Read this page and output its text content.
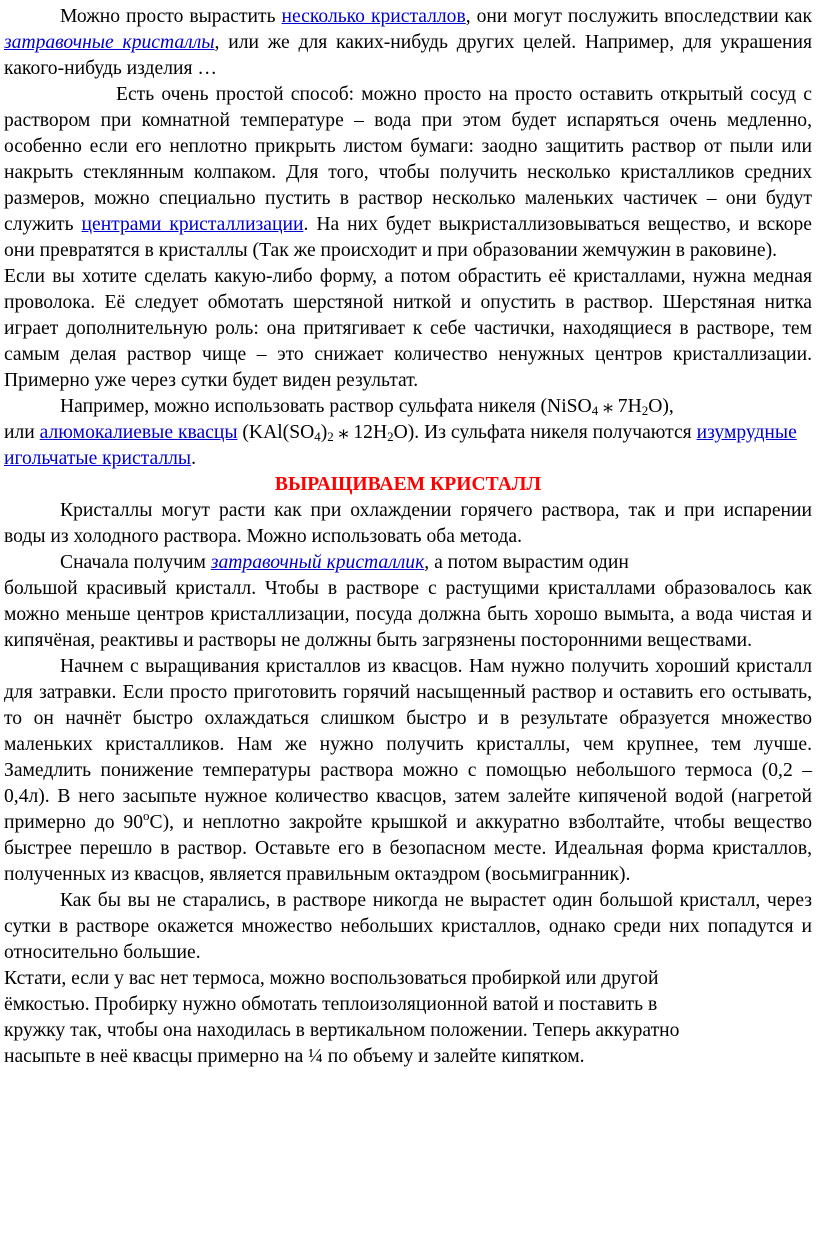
Можно просто вырастить несколько кристаллов, они могут послужить впоследствии как затравочные кристаллы, или же для каких-нибудь других целей. Например, для украшения какого-нибудь изделия …

Есть очень простой способ: можно просто на просто оставить открытый сосуд с раствором при комнатной температуре – вода при этом будет испаряться очень медленно, особенно если его неплотно прикрыть листом бумаги: заодно защитить раствор от пыли или накрыть стеклянным колпаком. Для того, чтобы получить несколько кристалликов средних размеров, можно специально пустить в раствор несколько маленьких частичек – они будут служить центрами кристаллизации. На них будет выкристаллизовываться вещество, и вскоре они превратятся в кристаллы (Так же происходит и при образовании жемчужин в раковине).

Если вы хотите сделать какую-либо форму, а потом обрастить её кристаллами, нужна медная проволока. Её следует обмотать шерстяной ниткой и опустить в раствор. Шерстяная нитка играет дополнительную роль: она притягивает к себе частички, находящиеся в растворе, тем самым делая раствор чище – это снижает количество ненужных центров кристаллизации. Примерно уже через сутки будет виден результат.

Например, можно использовать раствор сульфата никеля (NiSO$_4$ ⁎ $7H_2O$),

или алюмокалиевые квасцы ($KAl(SO_4)_2$ ⁎ $12H_2O$). Из сульфата никеля получаются изумрудные игольчатые кристаллы.

ВЫРАЩИВАЕМ КРИСТАЛЛ

Кристаллы могут расти как при охлаждении горячего раствора, так и при испарении воды из холодного раствора. Можно использовать оба метода.

Сначала получим затравочный кристаллик, а потом вырастим один

большой красивый кристалл. Чтобы в растворе с растущими кристаллами образовалось как можно меньше центров кристаллизации, посуда должна быть хорошо вымыта, а вода чистая и кипячёная, реактивы и растворы не должны быть загрязнены посторонними веществами.

Начнем с выращивания кристаллов из квасцов. Нам нужно получить хороший кристалл для затравки. Если просто приготовить горячий насыщенный раствор и оставить его остывать, то он начнёт быстро охлаждаться слишком быстро и в результате образуется множество маленьких кристалликов. Нам же нужно получить кристаллы, чем крупнее, тем лучше. Замедлить понижение температуры раствора можно с помощью небольшого термоса (0,2 – 0,4л). В него засыпьте нужное количество квасцов, затем залейте кипяченой водой (нагретой примерно до $90^оС$), и неплотно закройте крышкой и аккуратно взболтайте, чтобы вещество быстрее перешло в раствор. Оставьте его в безопасном месте. Идеальная форма кристаллов, полученных из квасцов, является правильным октаэдром (восьмигранник).

Как бы вы не старались, в растворе никогда не вырастет один большой кристалл, через сутки в растворе окажется множество небольших кристаллов, однако среди них попадутся и относительно большие.

Кстати, если у вас нет термоса, можно воспользоваться пробиркой или другой
ёмкостью. Пробирку нужно обмотать теплоизоляционной ватой и поставить в
кружку так, чтобы она находилась в вертикальном положении. Теперь аккуратно
насыпьте в неё квасцы примерно на ¼ по объему и залейте кипятком.
